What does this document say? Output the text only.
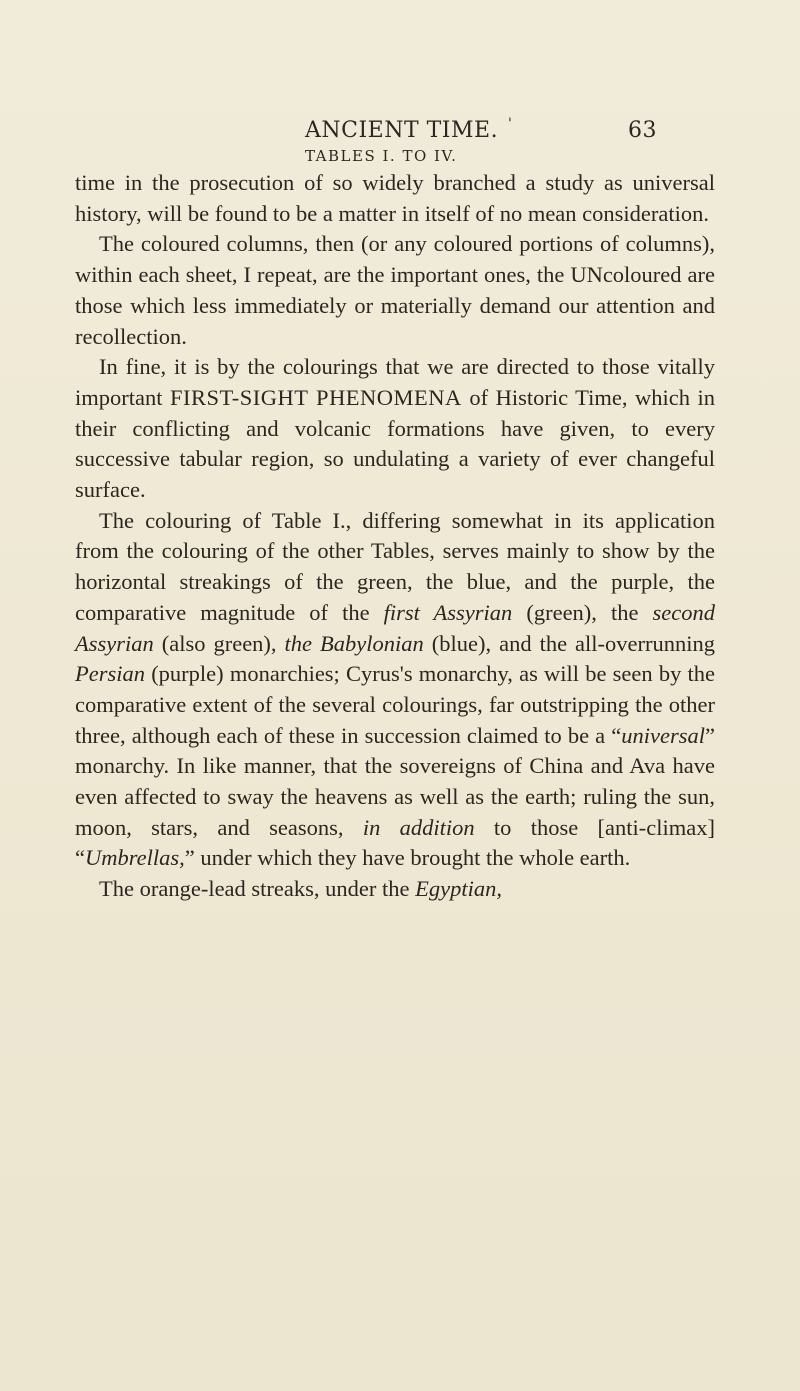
ANCIENT TIME. '	63
TABLES I. TO IV.

time in the prosecution of so widely branched a study as universal history, will be found to be a matter in itself of no mean consideration.

The coloured columns, then (or any coloured portions of columns), within each sheet, I repeat, are the important ones, the UNcoloured are those which less immediately or materially demand our attention and recollection.

In fine, it is by the colourings that we are directed to those vitally important FIRST-SIGHT PHENOMENA of Historic Time, which in their conflicting and volcanic formations have given, to every successive tabular region, so undulating a variety of ever changeful surface.

The colouring of Table I., differing somewhat in its application from the colouring of the other Tables, serves mainly to show by the horizontal streakings of the green, the blue, and the purple, the comparative magnitude of the first Assyrian (green), the second Assyrian (also green), the Babylonian (blue), and the all-overrunning Persian (purple) monarchies; Cyrus's monarchy, as will be seen by the comparative extent of the several colourings, far outstripping the other three, although each of these in succession claimed to be a “universal” monarchy. In like manner, that the sovereigns of China and Ava have even affected to sway the heavens as well as the earth; ruling the sun, moon, stars, and seasons, in addition to those [anti-climax] “Umbrellas,” under which they have brought the whole earth.

The orange-lead streaks, under the Egyptian,
